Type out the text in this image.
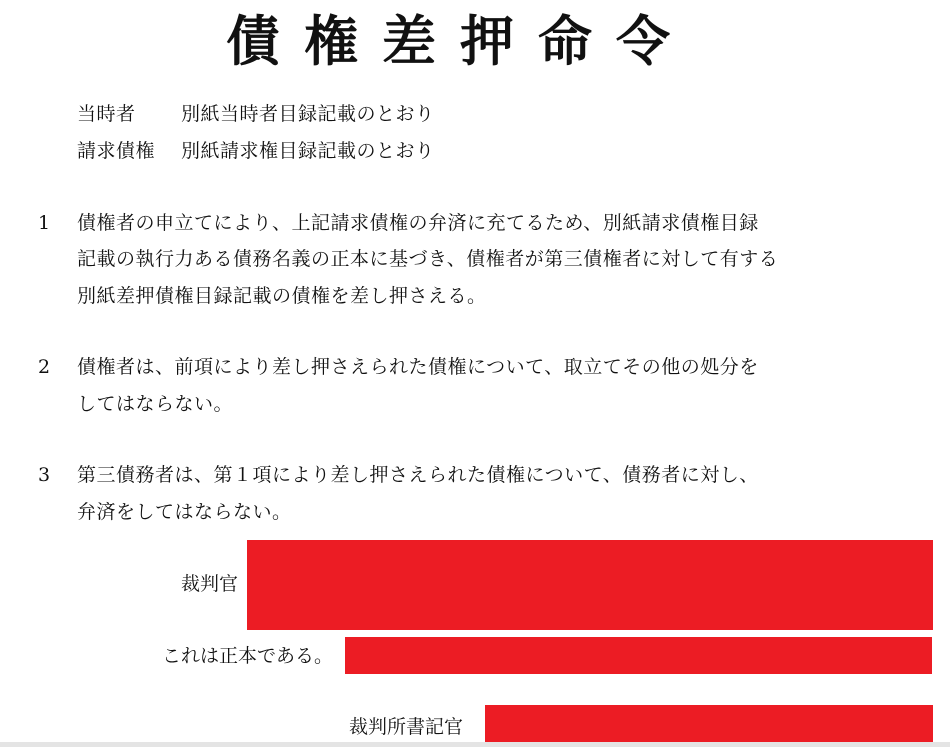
債権差押命令
当時者 別紙当時者目録記載のとおり
請求債権 別紙請求権目録記載のとおり
1 債権者の申立てにより、上記請求債権の弁済に充てるため、別紙請求債権目録
記載の執行力ある債務名義の正本に基づき、債権者が第三債権者に対して有する
別紙差押債権目録記載の債権を差し押さえる。
2 債権者は、前項により差し押さえられた債権について、取立てその他の処分を
してはならない。
3 第三債務者は、第１項により差し押さえられた債権について、債務者に対し、
弁済をしてはならない。
裁判官
これは正本である。
裁判所書記官
